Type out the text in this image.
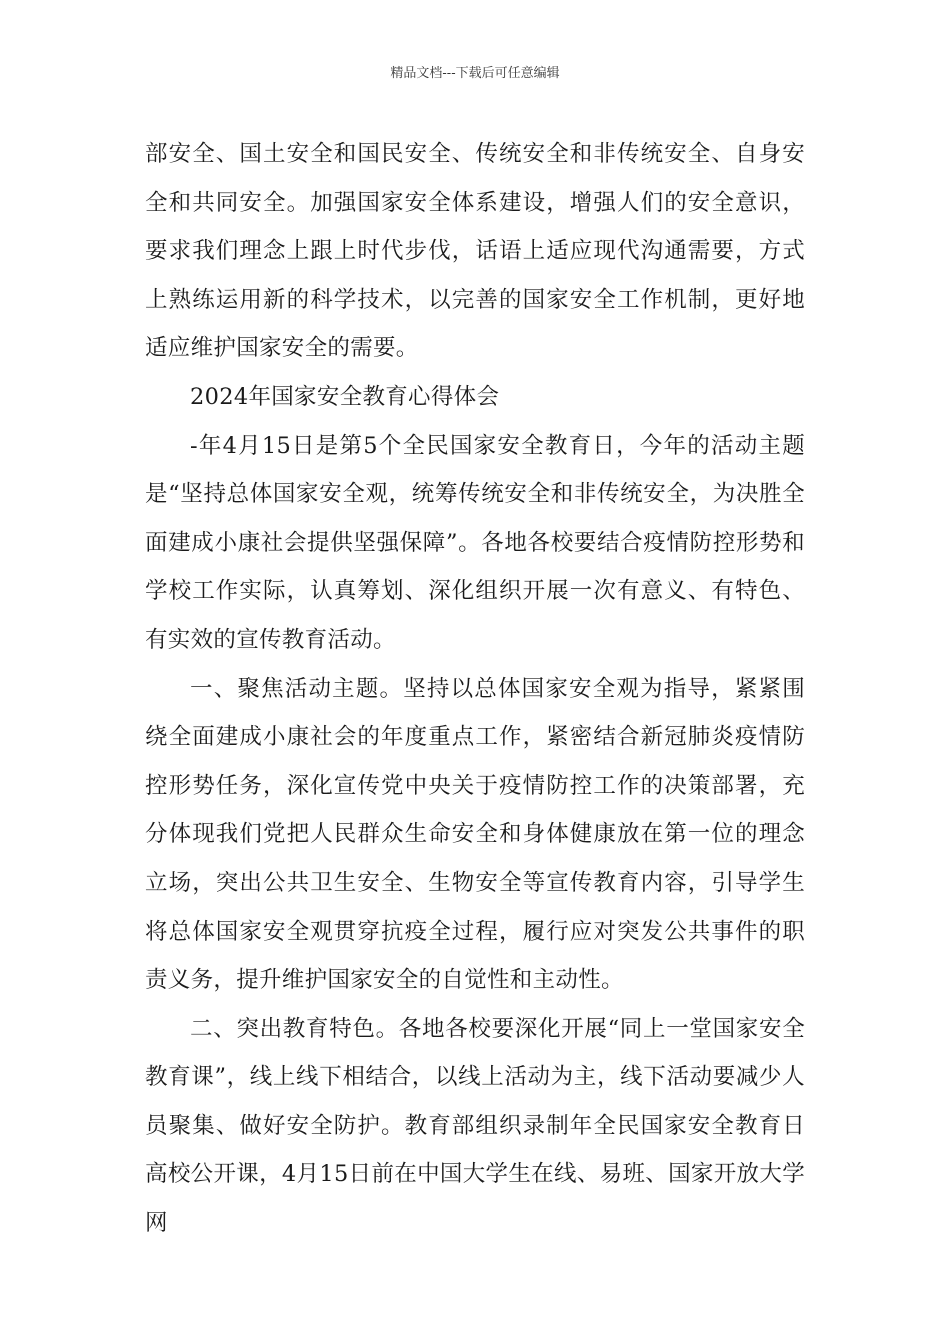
精品文档---下载后可任意编辑

部安全、国土安全和国民安全、传统安全和非传统安全、自身安全和共同安全。加强国家安全体系建设，增强人们的安全意识，要求我们理念上跟上时代步伐，话语上适应现代沟通需要，方式上熟练运用新的科学技术，以完善的国家安全工作机制，更好地适应维护国家安全的需要。

2024年国家安全教育心得体会

-年4月15日是第5个全民国家安全教育日，今年的活动主题是“坚持总体国家安全观，统筹传统安全和非传统安全，为决胜全面建成小康社会提供坚强保障”。各地各校要结合疫情防控形势和学校工作实际，认真筹划、深化组织开展一次有意义、有特色、有实效的宣传教育活动。

一、聚焦活动主题。坚持以总体国家安全观为指导，紧紧围绕全面建成小康社会的年度重点工作，紧密结合新冠肺炎疫情防控形势任务，深化宣传党中央关于疫情防控工作的决策部署，充分体现我们党把人民群众生命安全和身体健康放在第一位的理念立场，突出公共卫生安全、生物安全等宣传教育内容，引导学生将总体国家安全观贯穿抗疫全过程，履行应对突发公共事件的职责义务，提升维护国家安全的自觉性和主动性。

二、突出教育特色。各地各校要深化开展“同上一堂国家安全教育课”，线上线下相结合，以线上活动为主，线下活动要减少人员聚集、做好安全防护。教育部组织录制年全民国家安全教育日高校公开课，4月15日前在中国大学生在线、易班、国家开放大学网
